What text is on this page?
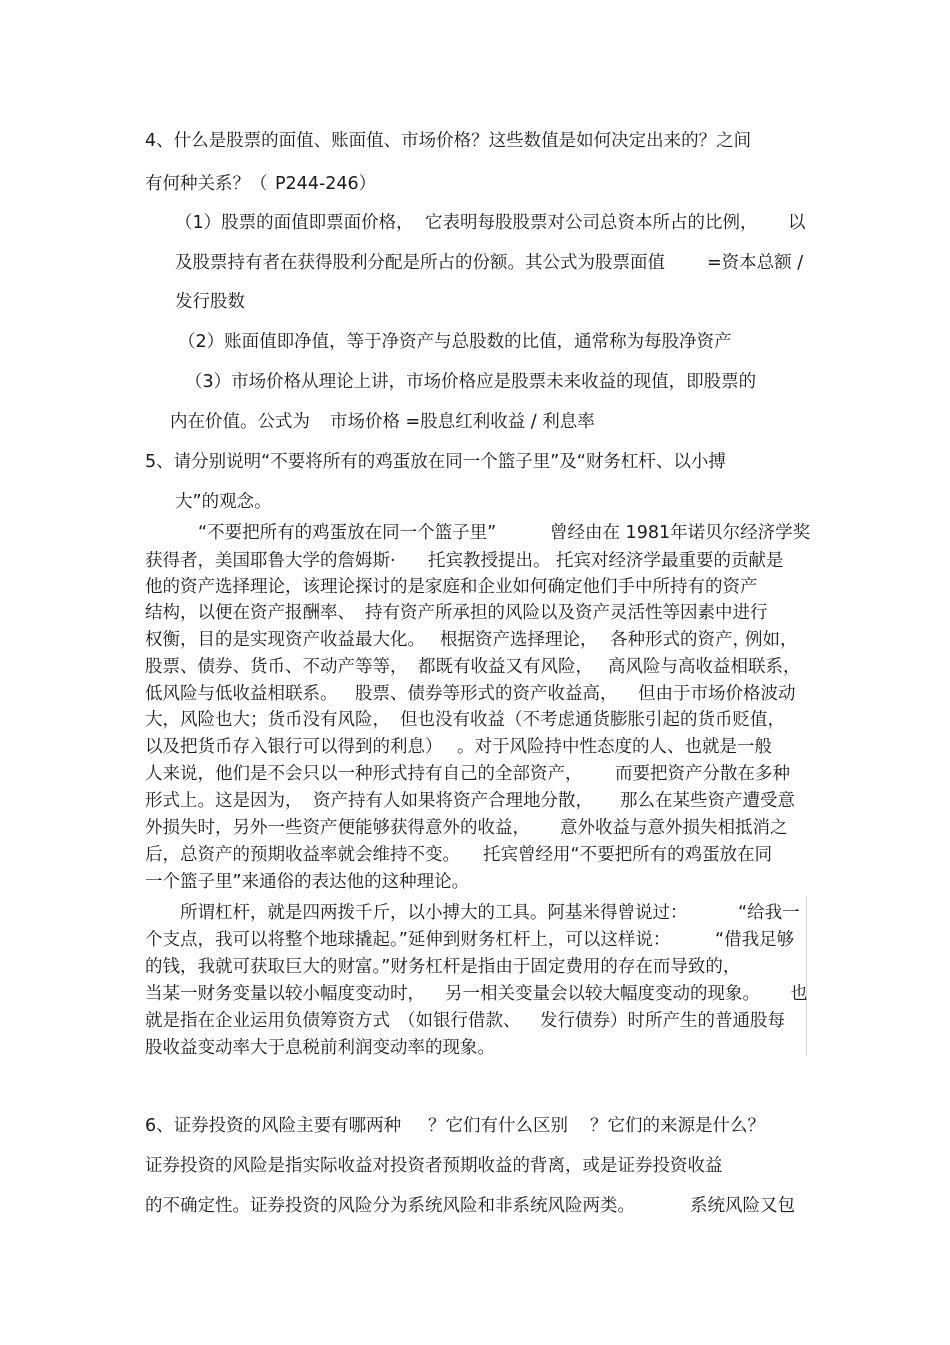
4、什么是股票的面值、账面值、市场价格？这些数值是如何决定出来的？之间
有何种关系？（ P244-246）
（1）股票的面值即票面价格， 它表明每股股票对公司总资本所占的比例， 以
及股票持有者在获得股利分配是所占的份额。其公式为股票面值 =资本总额 /
发行股数
（2）账面值即净值，等于净资产与总股数的比值，通常称为每股净资产
（3）市场价格从理论上讲，市场价格应是股票未来收益的现值，即股票的
内在价值。公式为 市场价格 =股息红利收益 / 利息率
5、请分别说明“不要将所有的鸡蛋放在同一个篮子里”及“财务杠杆、以小搏
大”的观念。
“不要把所有的鸡蛋放在同一个篮子里”	曾经由在 1981年诺贝尔经济学奖
获得者，美国耶鲁大学的詹姆斯· 托宾教授提出。 托宾对经济学最重要的贡献是
他的资产选择理论，该理论探讨的是家庭和企业如何确定他们手中所持有的资产
结构，以便在资产报酬率、 持有资产所承担的风险以及资产灵活性等因素中进行
权衡，目的是实现资产收益最大化。 根据资产选择理论， 各种形式的资产，
例如，
股票、债券、货币、不动产等等， 都既有收益又有风险， 高风险与高收益相联系，
低风险与低收益相联系。 股票、债券等形式的资产收益高， 但由于市场价格波动
大，风险也大；货币没有风险， 但也没有收益（不考虑通货膨胀引起的货币贬值，
以及把货币存入银行可以得到的利息） 。对于风险持中性态度的人、也就是一般
人来说，他们是不会只以一种形式持有自己的全部资产， 而要把资产分散在多种
形式上。这是因为， 资产持有人如果将资产合理地分散， 那么在某些资产遭受意
外损失时，另外一些资产便能够获得意外的收益， 意外收益与意外损失相抵消之
后，总资产的预期收益率就会维持不变。 托宾曾经用“不要把所有的鸡蛋放在同
一个篮子里”来通俗的表达他的这种理论。
所谓杠杆，就是四两拨千斤，以小搏大的工具。阿基米得曾说过：	“给我一
个支点，我可以将整个地球撬起。”延伸到财务杠杆上，可以这样说：	“借我足够
的钱，我就可获取巨大的财富。”财务杠杆是指由于固定费用的存在而导致的，
当某一财务变量以较小幅度变动时， 另一相关变量会以较大幅度变动的现象。 也
就是指在企业运用负债筹资方式 （如银行借款、 发行债券）时所产生的普通股每
股收益变动率大于息税前利润变动率的现象。
6、证券投资的风险主要有哪两种 ？它们有什么区别 ？它们的来源是什么？
证券投资的风险是指实际收益对投资者预期收益的背离，或是证券投资收益
的不确定性。证券投资的风险分为系统风险和非系统风险两类。	系统风险又包
